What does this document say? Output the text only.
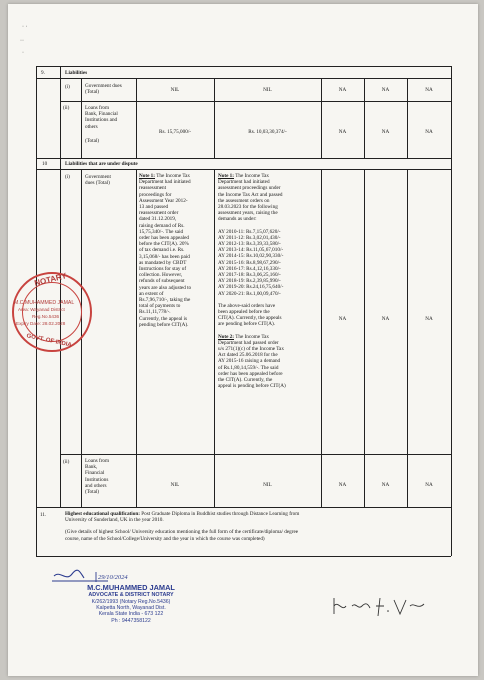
· ·
··
·
9.	Liabilities
(i)	Government dues (Total)	NIL	NIL	NA	NA	NA
(ii)	Loans from
Bank, Financial
Institutions and
others
(Total)
Rs. 15,75,000/-	Rs. 10,03,30,374/-	NA	NA	NA
10	Liabilities that are under dispute
(i)	Government
dues (Total)
Note 1: The Income Tax
Department had initiated
reassessment
proceedings for
Assessment Year 2012-
13 and passed
reassessment order
dated 31.12.2019,
raising demand of Rs.
15,75,340/-. The said
order has been appealed
before the CIT(A). 20%
of tax demand i.e. Rs.
3,15,068/- has been paid
as mandated by CBDT
Instructions for stay of
collection. However,
refunds of subsequent
years are also adjusted to
an extent of
Rs.7,96,710/-, taking the
total of payments to
Rs.11,11,778/-.
Currently, the appeal is
pending before CIT(A).
Note 1: The Income Tax
Department had initiated
assessment proceedings under
the Income Tax Act and passed
the assessment orders on
28.03.2023 for the following
assessment years, raising the
demands as under:
AY 2010-11: Rs.7,15,07,620/-
AY 2011-12: Rs.3,02,01,430/-
AY 2012-13: Rs.3,39,33,580/-
AY 2013-14: Rs.11,05,67,010/-
AY 2014-15: Rs.10,02,90,330/-
AY 2015-16: Rs.8,98,67,290/-
AY 2016-17: Rs.4,12,16,330/-
AY 2017-18: Rs.3,06,25,160/-
AY 2018-19: Rs.2,39,85,990/-
AY 2019-20: Rs.24,16,75,640/-
AY 2020-21: Rs.1,00,09,470/-
The above-said orders have
been appealed before the
CIT(A). Currently, the appeals
are pending before CIT(A).
Note 2: The Income Tax
Department had passed order
u/s 271(1)(c) of the Income Tax
Act dated 25.06.2018 for the
AY 2015-16 raising a demand
of Rs.1,80,14,559/-. The said
order has been appealed before
the CIT(A). Currently, the
appeal is pending before CIT(A)
NA	NA	NA
(ii)	Loans from
Bank,
Financial
Institutions
and others
(Total)
NIL	NIL	NA	NA	NA
11.	Highest educational qualification: Post Graduate Diploma in Buddhist studies through Distance Learning from
University of Sunderland, UK in the year 2010.
(Give details of highest School/ University education mentioning the full form of the certificate/diploma/ degree
course, name of the School/College/University and the year in which the course was completed)
NOTARY
M.C.MUHAMMED JAMAL
Area: Wayanad District
Reg.No.5436
Expiry Date: 28.02.2028
GOVT. OF INDIA
29/10/2024
M.C.MUHAMMED JAMAL
ADVOCATE & DISTRICT NOTARY
K/262/1993 (Notary Reg.No.5436)
Kalpetta North, Wayanad Dist.
Kerala State India - 673 122
Ph : 9447358122
